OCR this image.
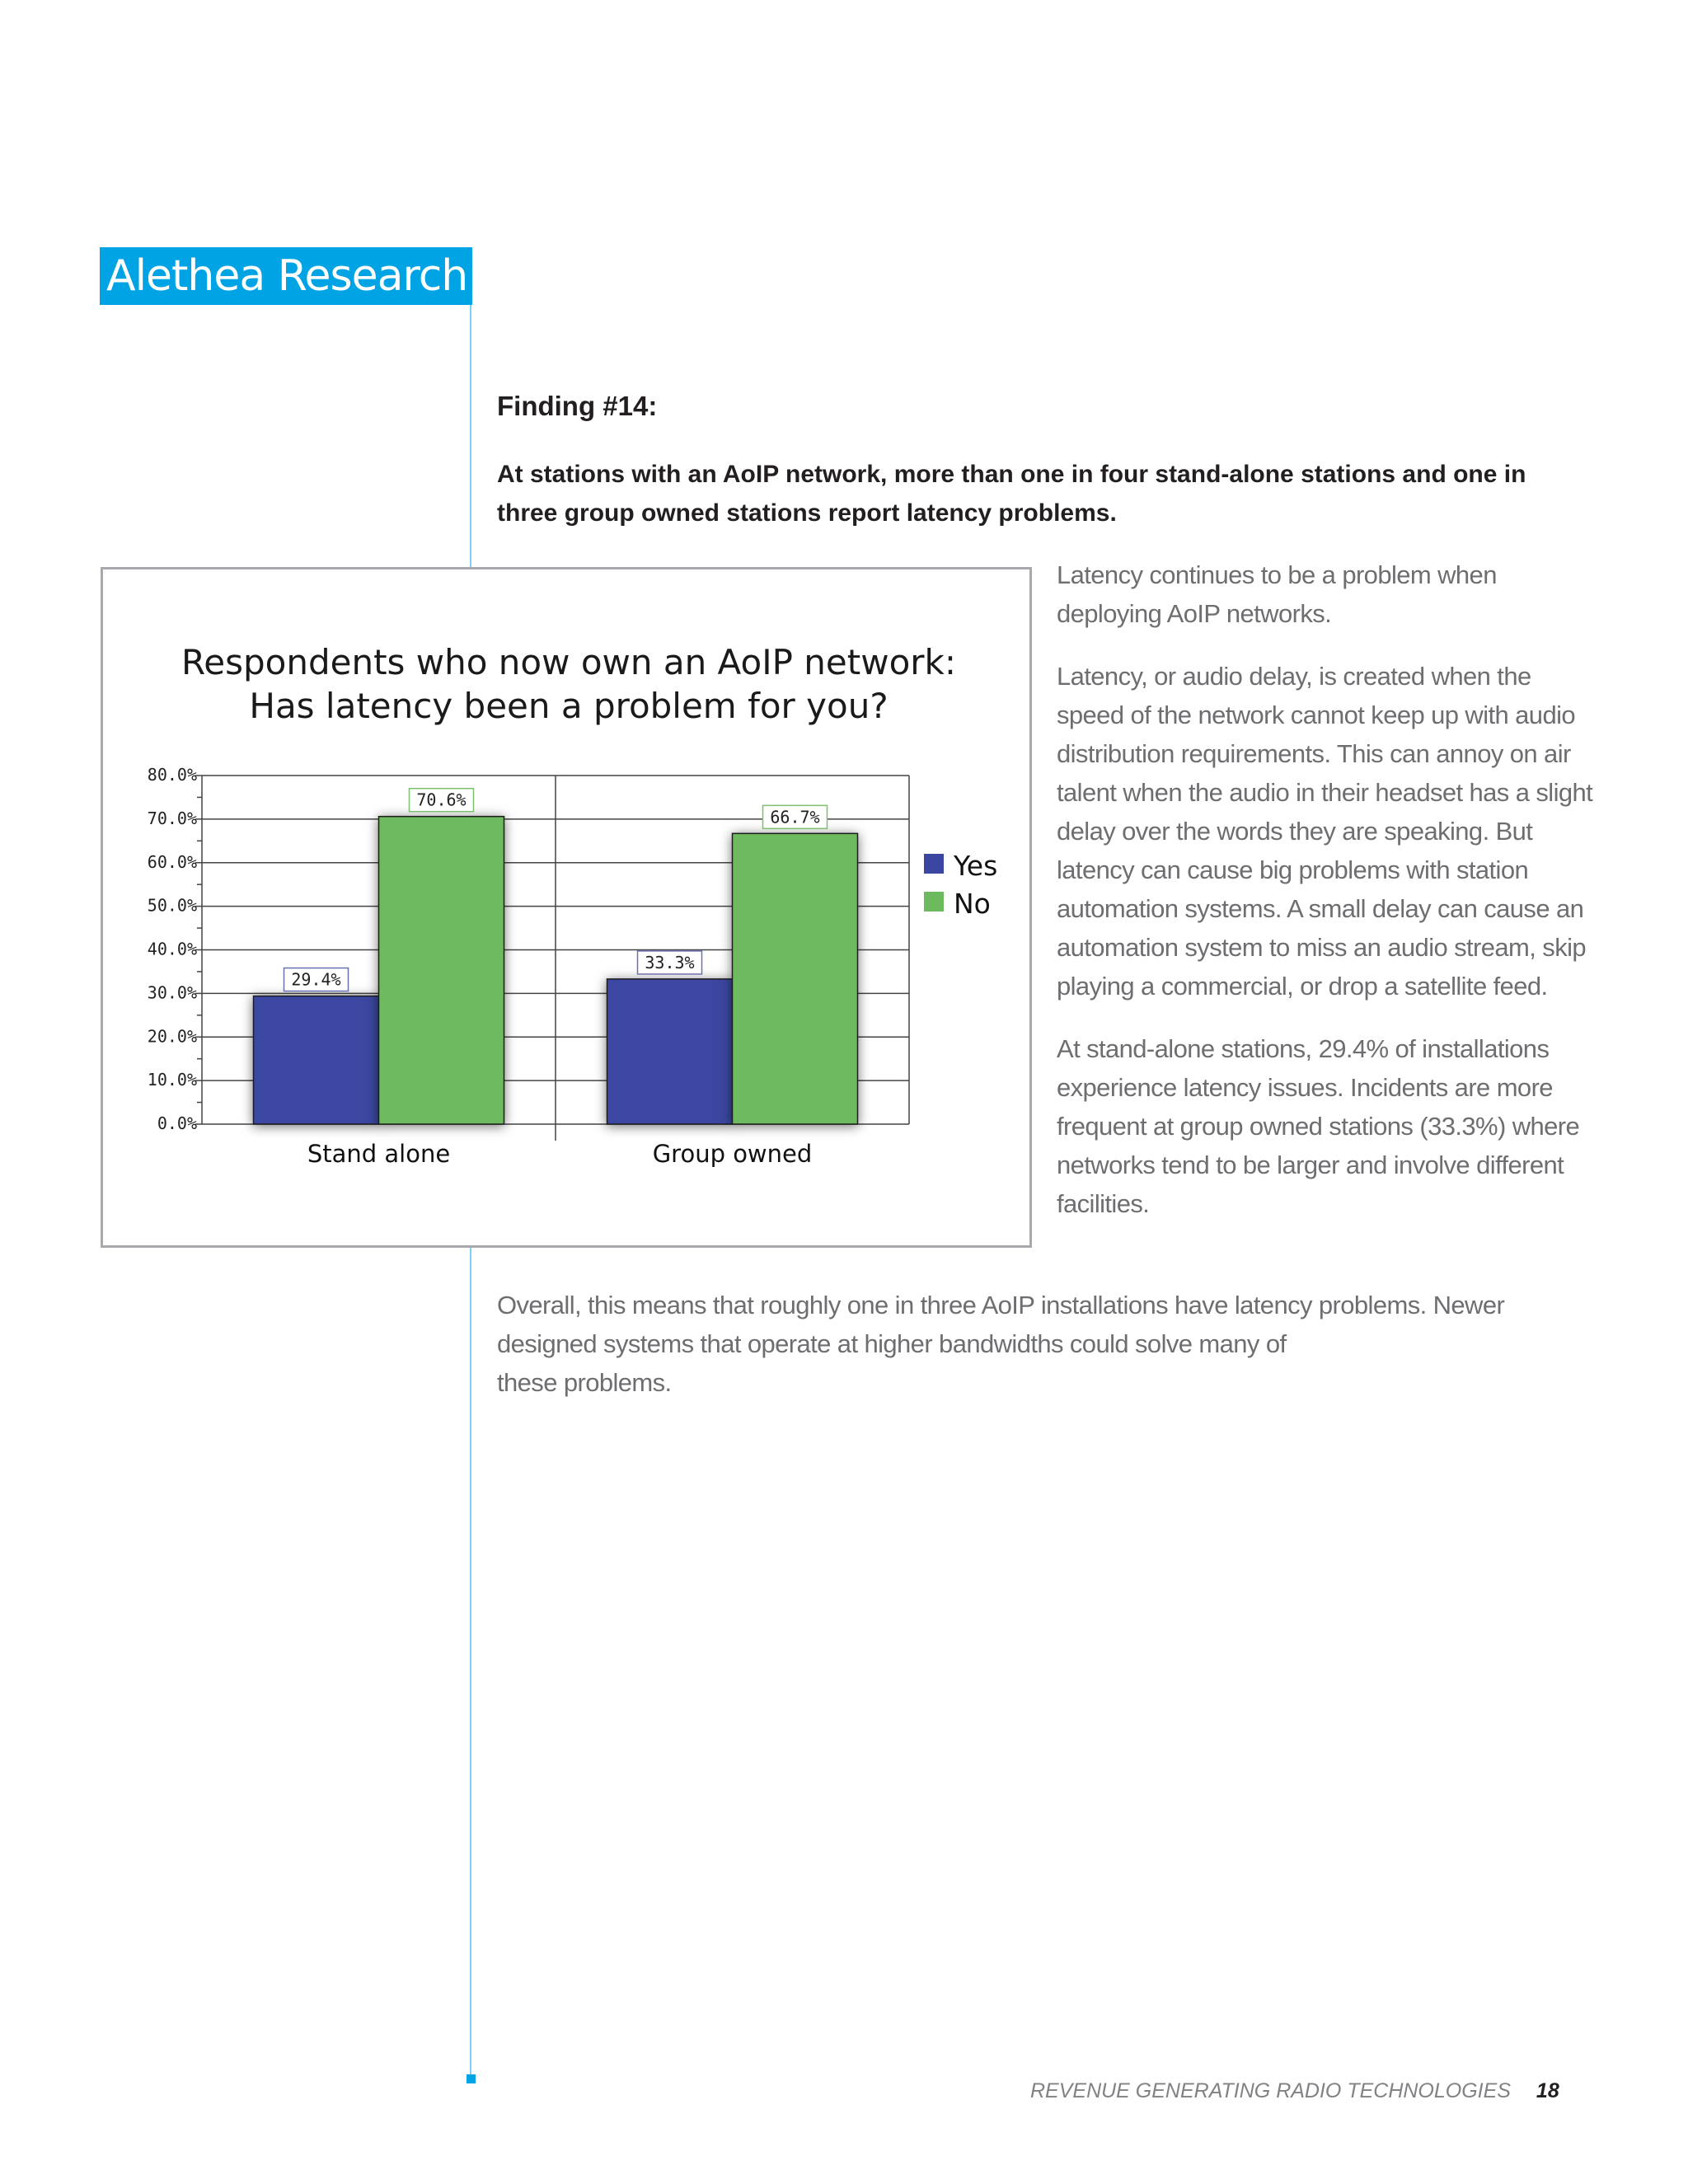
Alethea Research
Finding #14:
At stations with an AoIP network, more than one in four stand-alone stations and one in three group owned stations report latency problems.
Respondents who now own an AoIP network:
Has latency been a problem for you?
0.0%
10.0%
20.0%
30.0%
40.0%
50.0%
60.0%
70.0%
80.0%
29.4%
70.6%
Stand alone
33.3%
66.7%
Group owned
Yes
No

Latency continues to be a problem when deploying AoIP networks.

Latency, or audio delay, is created when the speed of the network cannot keep up with audio distribution requirements. This can annoy on air talent when the audio in their headset has a slight delay over the words they are speaking. But latency can cause big problems with station automation systems. A small delay can cause an automation system to miss an audio stream, skip playing a commercial, or drop a satellite feed.

At stand-alone stations, 29.4% of installations experience latency issues. Incidents are more frequent at group owned stations (33.3%) where networks tend to be larger and involve different facilities.

Overall, this means that roughly one in three AoIP installations have latency problems. Newer

designed systems that operate at higher bandwidths could solve many of

these problems.

REVENUE GENERATING RADIO TECHNOLOGIES 18
